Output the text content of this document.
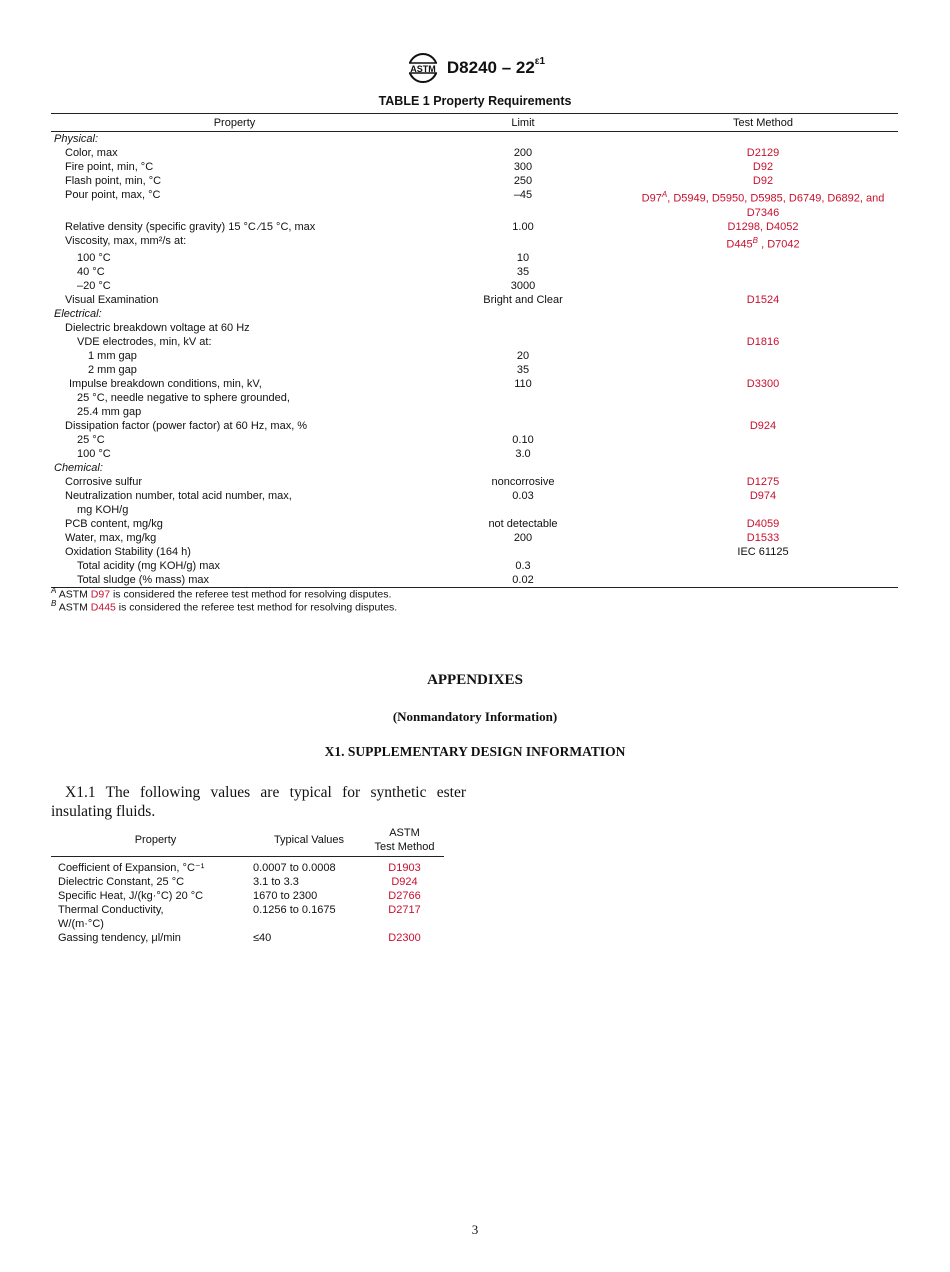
ASTM $D8240 - 22^{\varepsilon 1}$
TABLE 1 Property Requirements
Property	Limit	Test Method
Physical:		
Color, max	200	D2129
Fire point, min, °C	300	D92
Flash point, min, °C	250	D92
Pour point, max, °C	–45	$D97^A$, D5949, D5950, D5985, D6749, D6892, and D7346
Relative density (specific gravity) 15 °C ⁄15 °C, max	1.00	D1298, D4052
Viscosity, max, mm²/s at:		$D445^B$ , D7042
100 °C	10	
40 °C	35	
–20 °C	3000	
Visual Examination	Bright and Clear	D1524
Electrical:		
Dielectric breakdown voltage at 60 Hz		
VDE electrodes, min, kV at:		D1816
1 mm gap	20	
2 mm gap	35	
Impulse breakdown conditions, min, kV,	110	D3300
25 °C, needle negative to sphere grounded,		
25.4 mm gap		
Dissipation factor (power factor) at 60 Hz, max, %		D924
25 °C	0.10	
100 °C	3.0	
Chemical:		
Corrosive sulfur	noncorrosive	D1275
Neutralization number, total acid number, max,	0.03	D974
mg KOH/g		
PCB content, mg/kg	not detectable	D4059
Water, max, mg/kg	200	D1533
Oxidation Stability (164 h)		IEC 61125
Total acidity (mg KOH/g) max	0.3	
Total sludge (% mass) max	0.02	
$^A$ ASTM D97 is considered the referee test method for resolving disputes.
$^B$ ASTM D445 is considered the referee test method for resolving disputes.
APPENDIXES
(Nonmandatory Information)
X1. SUPPLEMENTARY DESIGN INFORMATION
X1.1 The following values are typical for synthetic ester insulating fluids.
Property	Typical Values	ASTM
Test Method

Coefficient of Expansion, °C⁻¹	0.0007 to 0.0008	D1903
Dielectric Constant, 25 °C	3.1 to 3.3	D924
Specific Heat, J/(kg·°C) 20 °C	1670 to 2300	D2766
Thermal Conductivity,	0.1256 to 0.1675	D2717
W/(m·°C)		
Gassing tendency, μl/min	≤40	D2300
3
